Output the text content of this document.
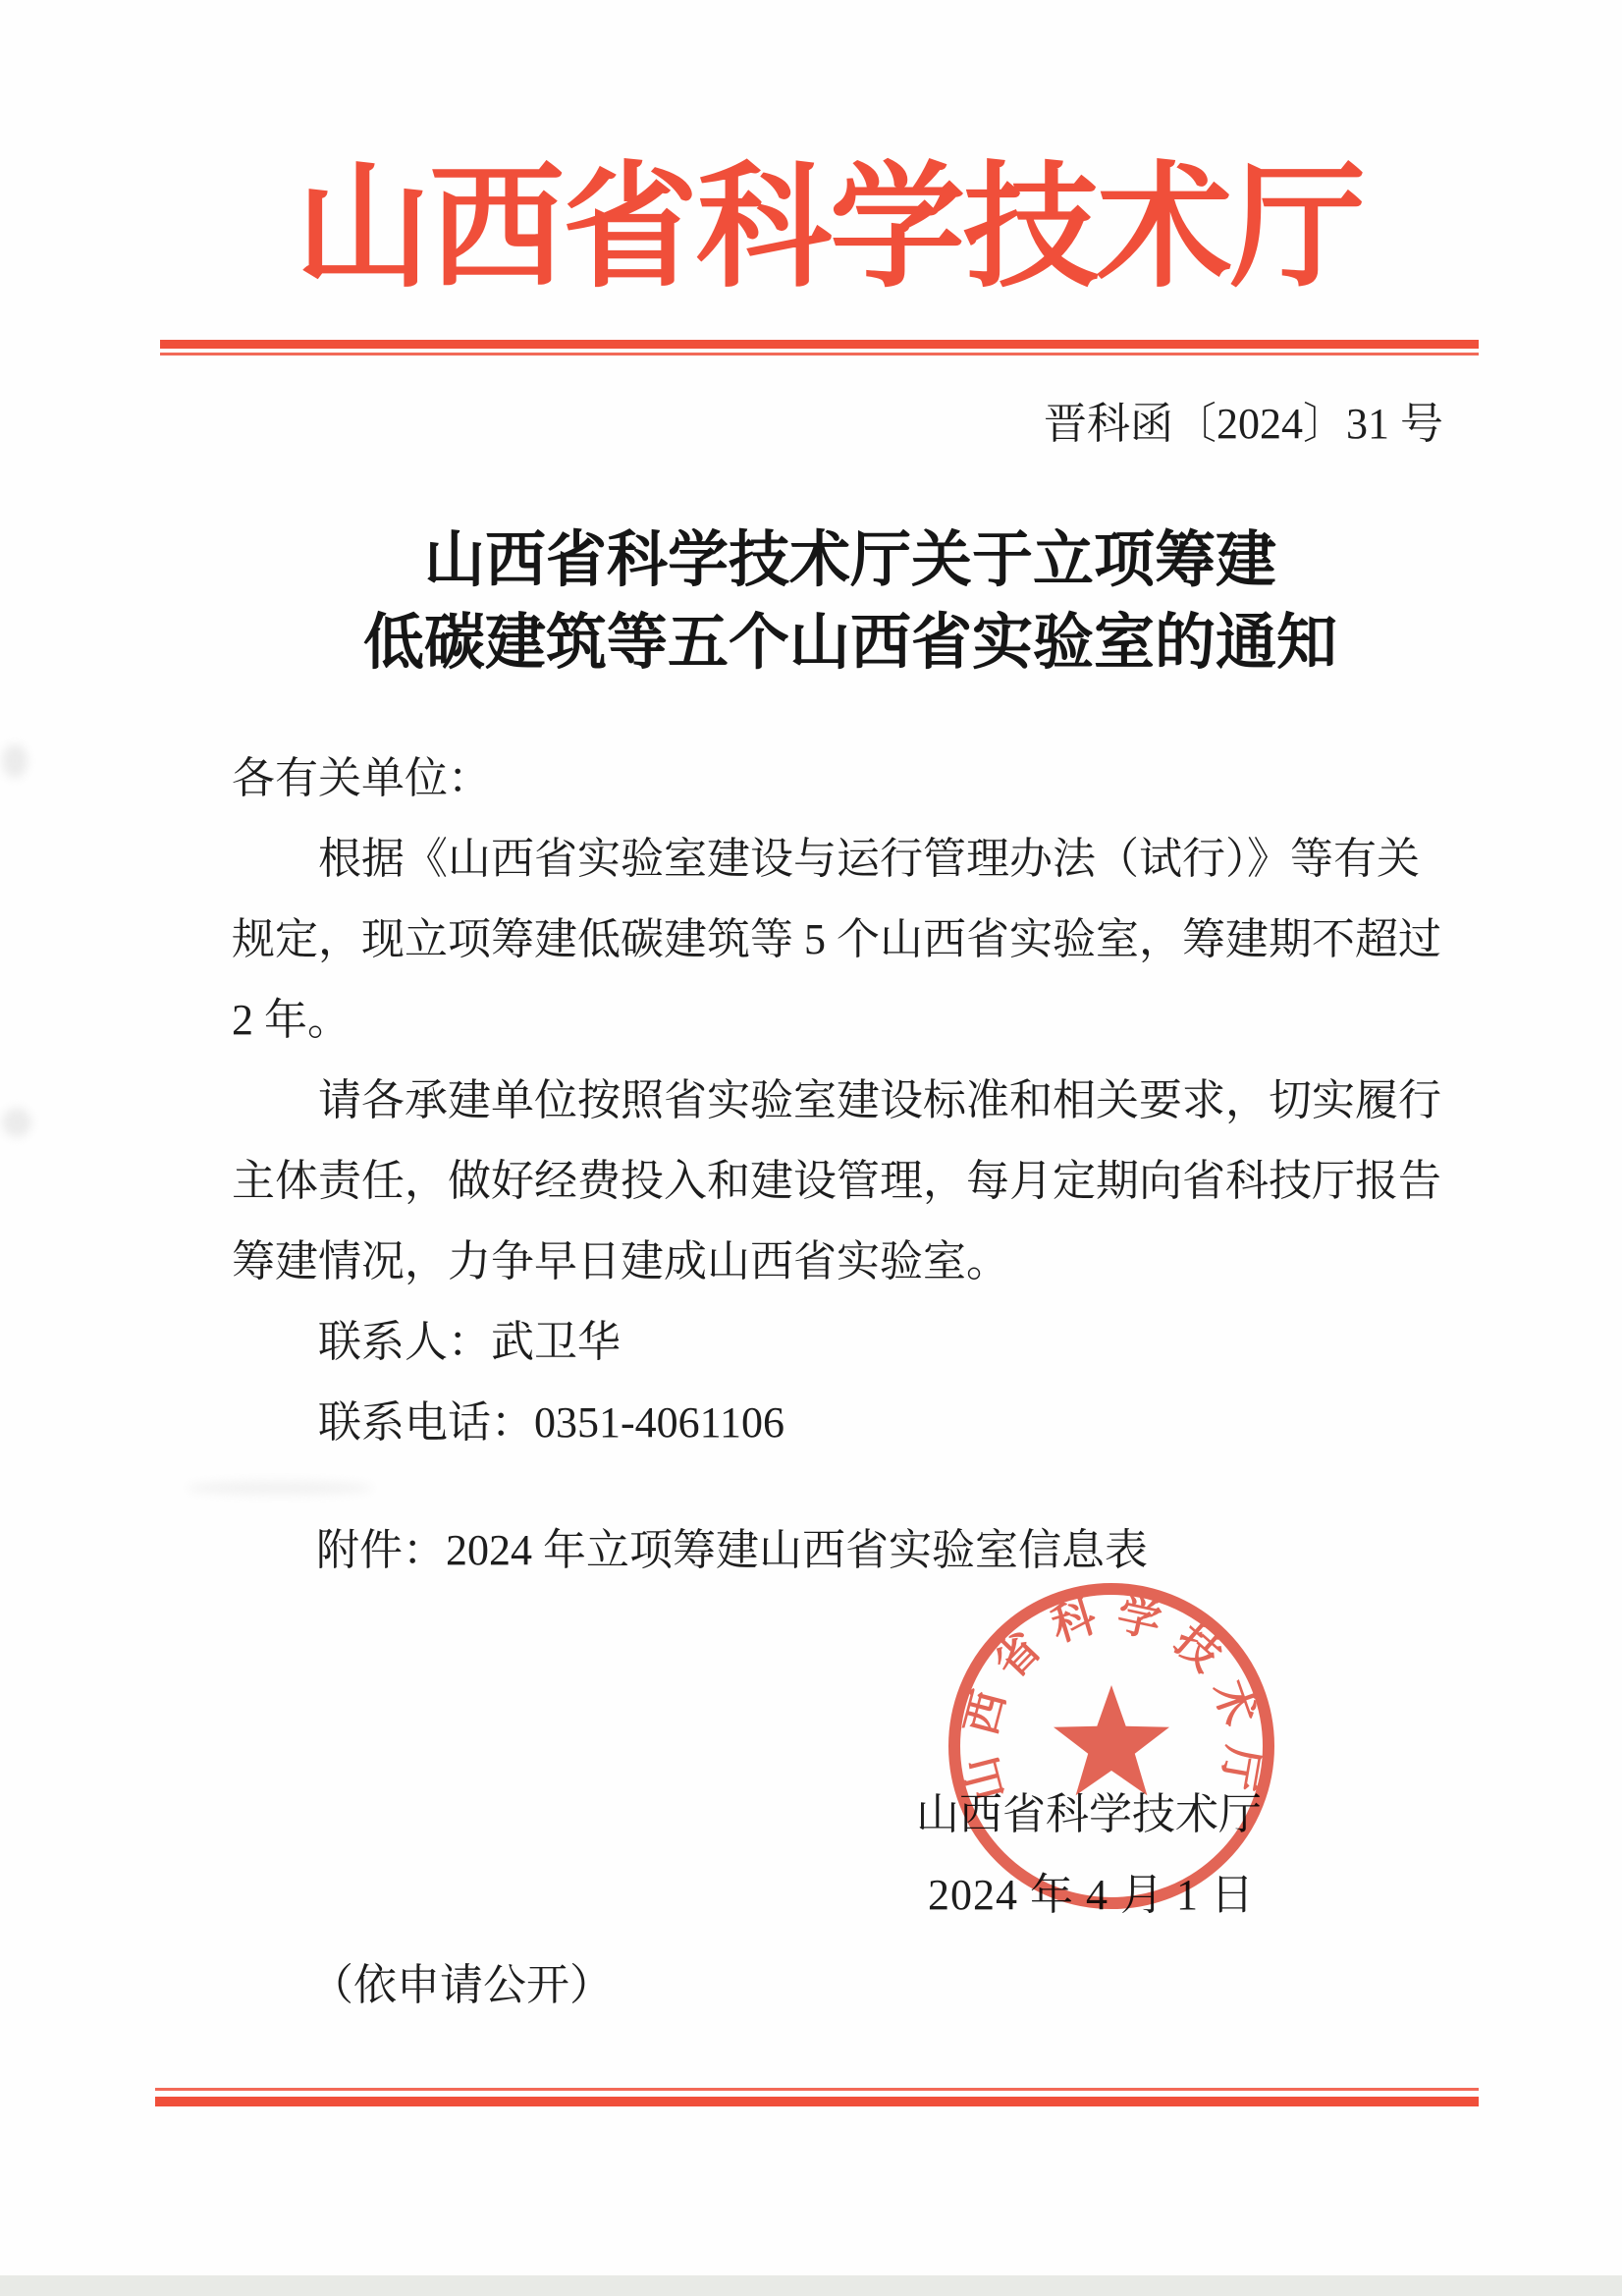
山西省科学技术厅
晋科函〔2024〕31 号
山西省科学技术厅关于立项筹建
低碳建筑等五个山西省实验室的通知
各有关单位：
根据《山西省实验室建设与运行管理办法（试行）》等有关
规定，现立项筹建低碳建筑等 5 个山西省实验室，筹建期不超过
2 年。
请各承建单位按照省实验室建设标准和相关要求，切实履行
主体责任，做好经费投入和建设管理，每月定期向省科技厅报告
筹建情况，力争早日建成山西省实验室。
联系人：武卫华
联系电话：0351-4061106
附件：2024 年立项筹建山西省实验室信息表
山西省科学技术厅
2024 年 4 月 1 日
山西省科学技术厅
（依申请公开）
